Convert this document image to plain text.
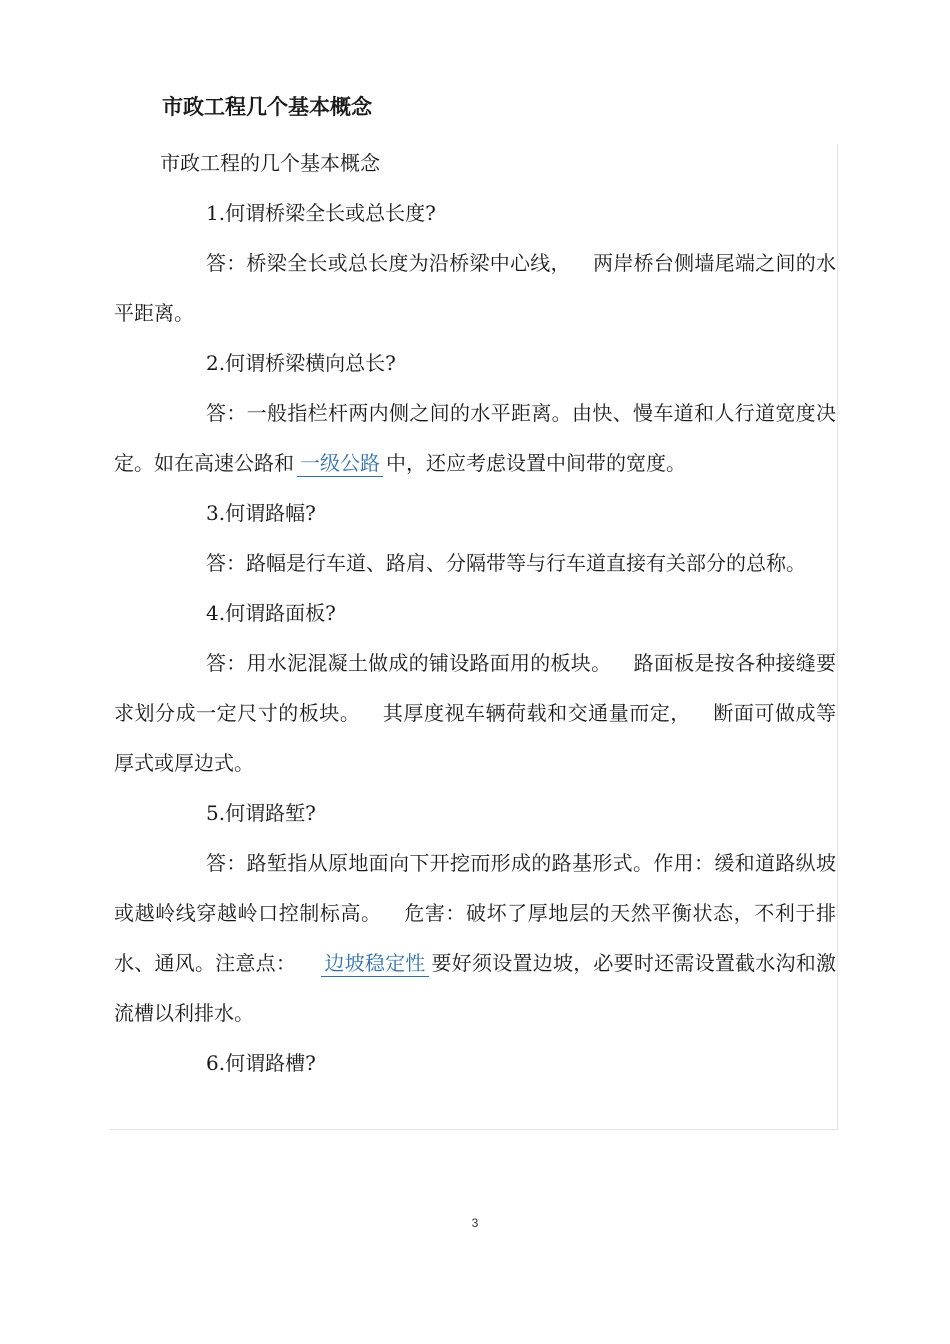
市政工程几个基本概念

市政工程的几个基本概念

1.何谓桥梁全长或总长度?

答：桥梁全长或总长度为沿桥梁中心线， 两岸桥台侧墙尾端之间的水平距离。

2.何谓桥梁横向总长?

答：一般指栏杆两内侧之间的水平距离。由快、慢车道和人行道宽度决定。如在高速公路和 一级公路 中，还应考虑设置中间带的宽度。

3.何谓路幅?

答：路幅是行车道、路肩、分隔带等与行车道直接有关部分的总称。

4.何谓路面板?

答：用水泥混凝土做成的铺设路面用的板块。 路面板是按各种接缝要求划分成一定尺寸的板块。 其厚度视车辆荷载和交通量而定， 断面可做成等厚式或厚边式。

5.何谓路堑?

答：路堑指从原地面向下开挖而形成的路基形式。作用：缓和道路纵坡或越岭线穿越岭口控制标高。 危害：破坏了厚地层的天然平衡状态，不利于排水、通风。注意点： 边坡稳定性 要好须设置边坡，必要时还需设置截水沟和激流槽以利排水。

6.何谓路槽?

3
